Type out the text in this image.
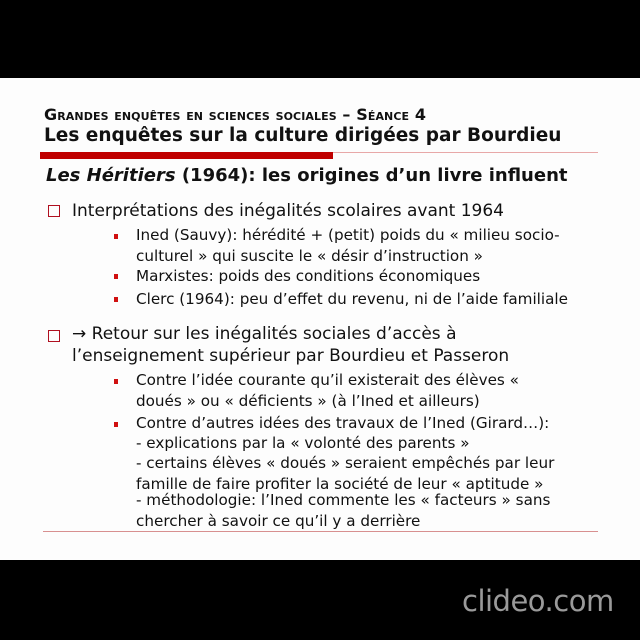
Grandes enquêtes en sciences sociales – Séance 4
Les enquêtes sur la culture dirigées par Bourdieu
Les Héritiers (1964): les origines d’un livre influent
Interprétations des inégalités scolaires avant 1964
Ined (Sauvy): hérédité + (petit) poids du « milieu socio-culturel » qui suscite le « désir d’instruction »
Marxistes: poids des conditions économiques
Clerc (1964): peu d’effet du revenu, ni de l’aide familiale
→ Retour sur les inégalités sociales d’accès à l’enseignement supérieur par Bourdieu et Passeron
Contre l’idée courante qu’il existerait des élèves « doués » ou « déficients » (à l’Ined et ailleurs)
Contre d’autres idées des travaux de l’Ined (Girard…):
- explications par la « volonté des parents »
- certains élèves « doués » seraient empêchés par leur famille de faire profiter la société de leur « aptitude »
- méthodologie: l’Ined commente les « facteurs » sans chercher à savoir ce qu’il y a derrière
clideo.com
